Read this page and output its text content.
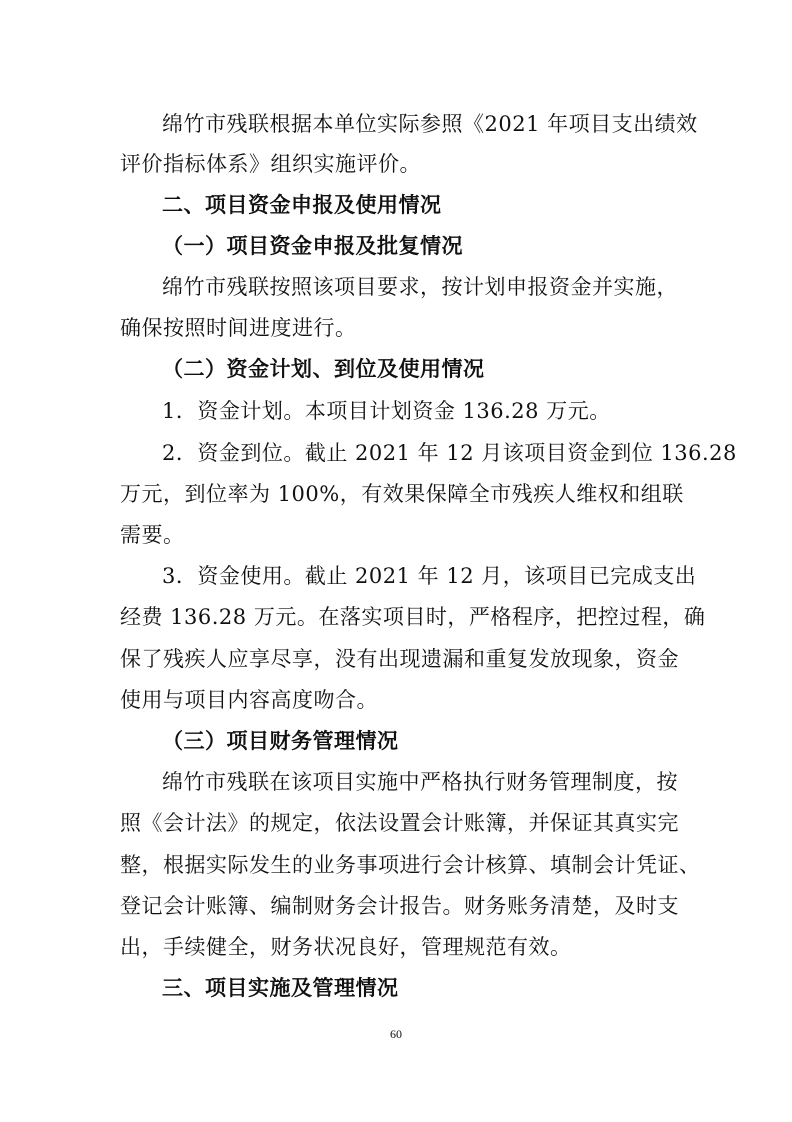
绵竹市残联根据本单位实际参照《2021 年项目支出绩效
评价指标体系》组织实施评价。
二、项目资金申报及使用情况
（一）项目资金申报及批复情况
绵竹市残联按照该项目要求，按计划申报资金并实施，
确保按照时间进度进行。
（二）资金计划、到位及使用情况
1．资金计划。本项目计划资金 136.28 万元。
2．资金到位。截止 2021 年 12 月该项目资金到位 136.28
万元，到位率为 100%，有效果保障全市残疾人维权和组联
需要。
3．资金使用。截止 2021 年 12 月，该项目已完成支出
经费 136.28 万元。在落实项目时，严格程序，把控过程，确
保了残疾人应享尽享，没有出现遗漏和重复发放现象，资金
使用与项目内容高度吻合。
（三）项目财务管理情况
绵竹市残联在该项目实施中严格执行财务管理制度，按
照《会计法》的规定，依法设置会计账簿，并保证其真实完
整，根据实际发生的业务事项进行会计核算、填制会计凭证、
登记会计账簿、编制财务会计报告。财务账务清楚，及时支
出，手续健全，财务状况良好，管理规范有效。
三、项目实施及管理情况
60
